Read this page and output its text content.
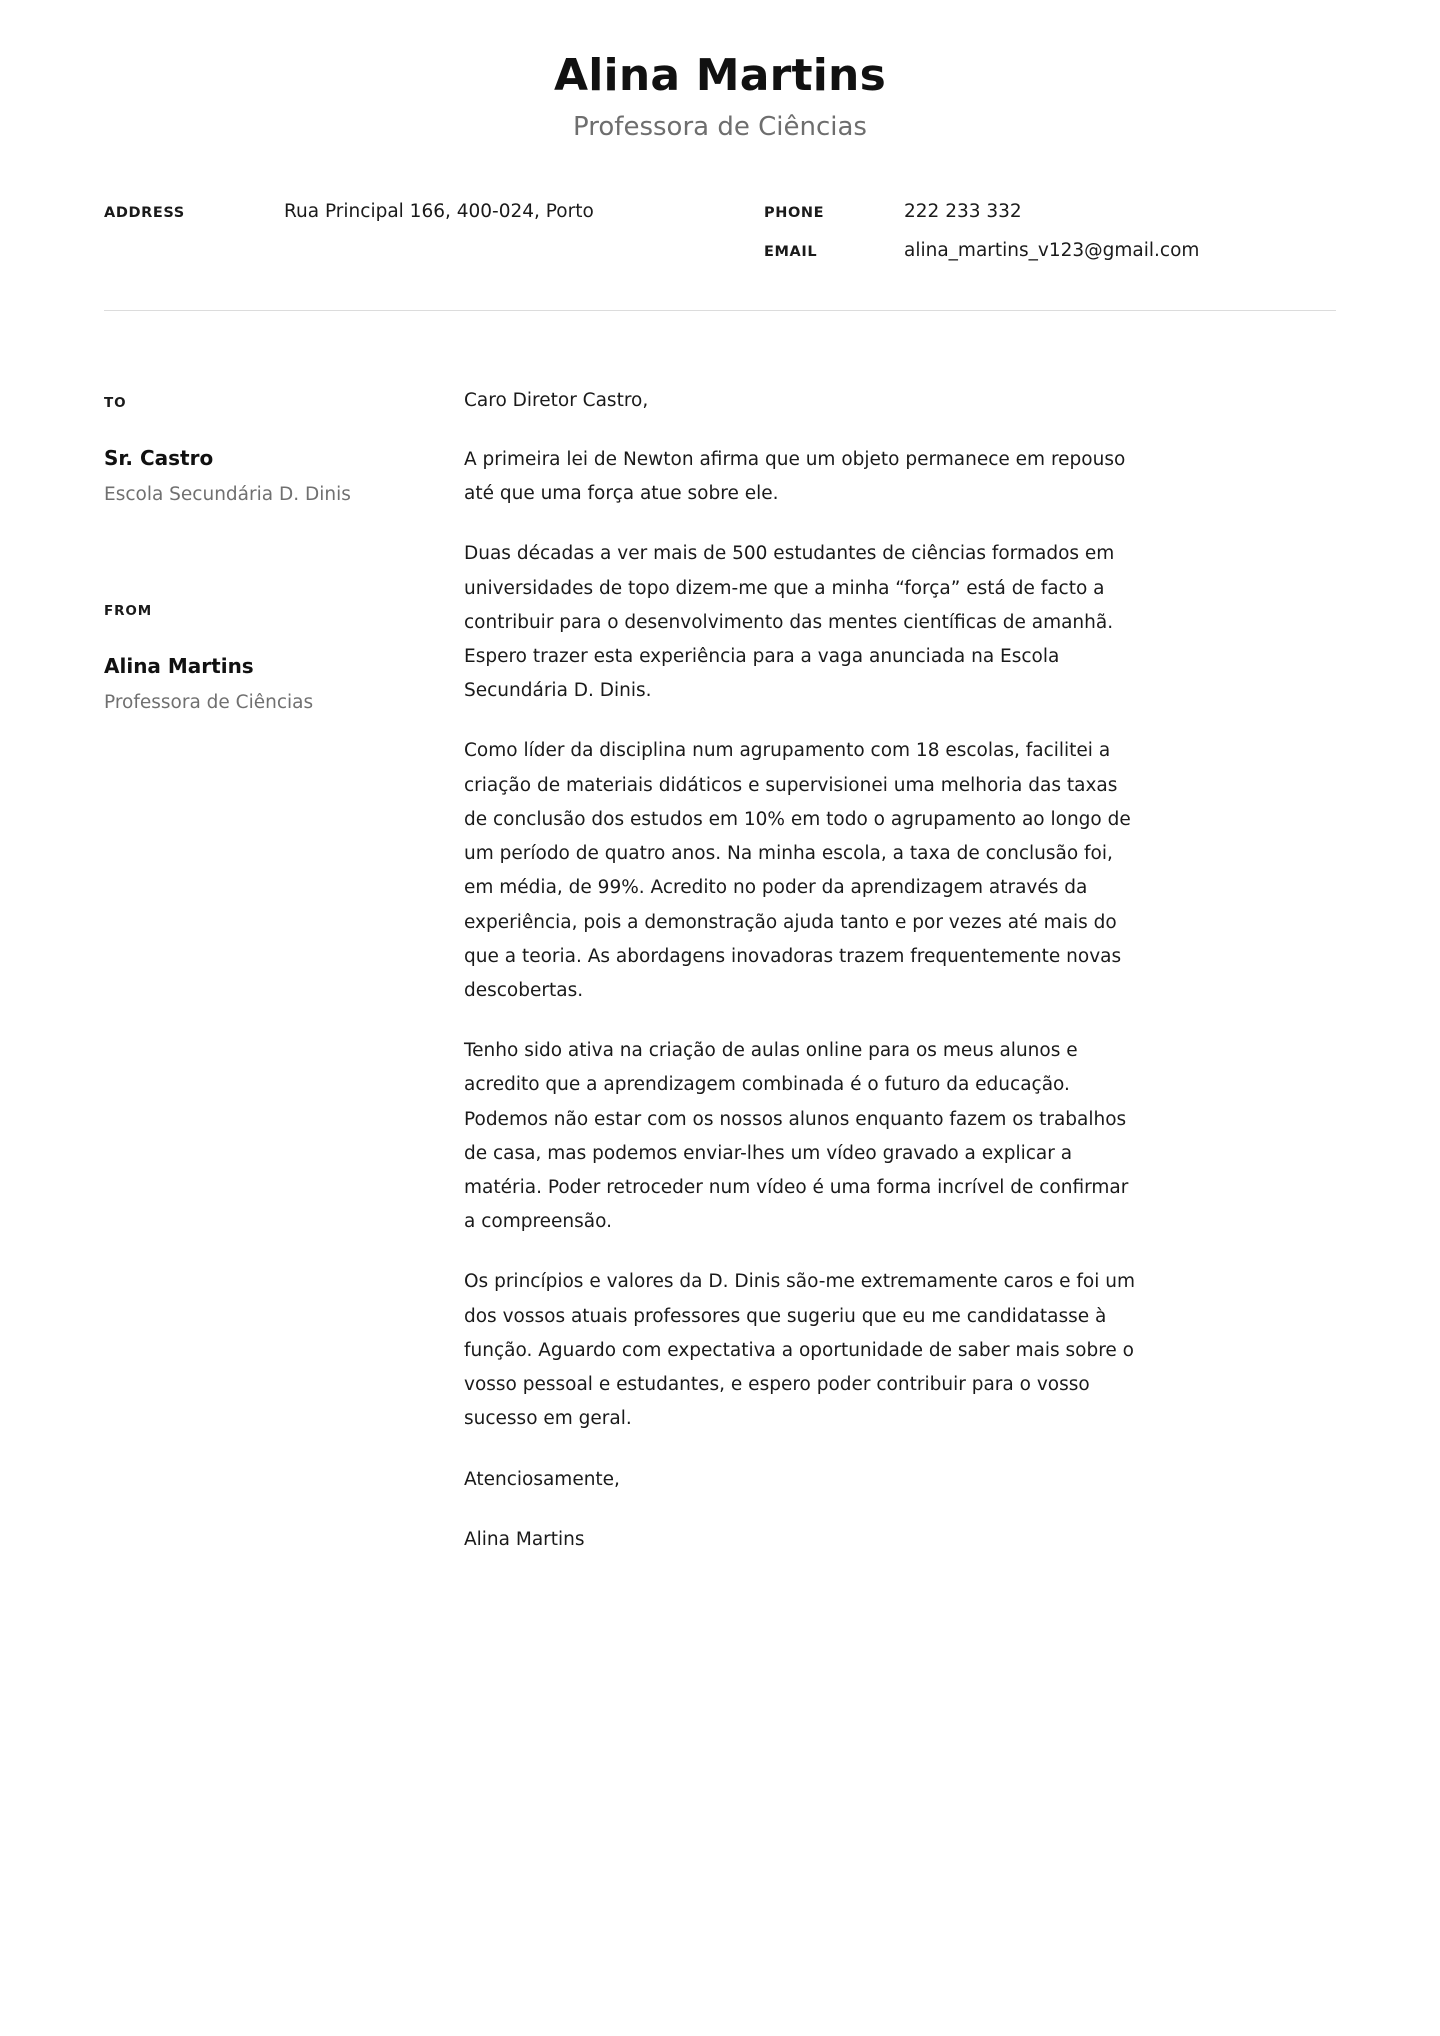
Alina Martins

Professora de Ciências

ADDRESS	Rua Principal 166, 400-024, Porto	PHONE	222 233 332
EMAIL	alina_martins_v123@gmail.com

TO

Sr. Castro

Escola Secundária D. Dinis

FROM

Alina Martins

Professora de Ciências

Caro Diretor Castro,

A primeira lei de Newton afirma que um objeto permanece em repouso até que uma força atue sobre ele.

Duas décadas a ver mais de 500 estudantes de ciências formados em universidades de topo dizem-me que a minha “força” está de facto a contribuir para o desenvolvimento das mentes científicas de amanhã. Espero trazer esta experiência para a vaga anunciada na Escola Secundária D. Dinis.

Como líder da disciplina num agrupamento com 18 escolas, facilitei a criação de materiais didáticos e supervisionei uma melhoria das taxas de conclusão dos estudos em 10% em todo o agrupamento ao longo de um período de quatro anos. Na minha escola, a taxa de conclusão foi, em média, de 99%. Acredito no poder da aprendizagem através da experiência, pois a demonstração ajuda tanto e por vezes até mais do que a teoria. As abordagens inovadoras trazem frequentemente novas descobertas.

Tenho sido ativa na criação de aulas online para os meus alunos e acredito que a aprendizagem combinada é o futuro da educação. Podemos não estar com os nossos alunos enquanto fazem os trabalhos de casa, mas podemos enviar-lhes um vídeo gravado a explicar a matéria. Poder retroceder num vídeo é uma forma incrível de confirmar a compreensão.

Os princípios e valores da D. Dinis são-me extremamente caros e foi um dos vossos atuais professores que sugeriu que eu me candidatasse à função. Aguardo com expectativa a oportunidade de saber mais sobre o vosso pessoal e estudantes, e espero poder contribuir para o vosso sucesso em geral.

Atenciosamente,

Alina Martins
